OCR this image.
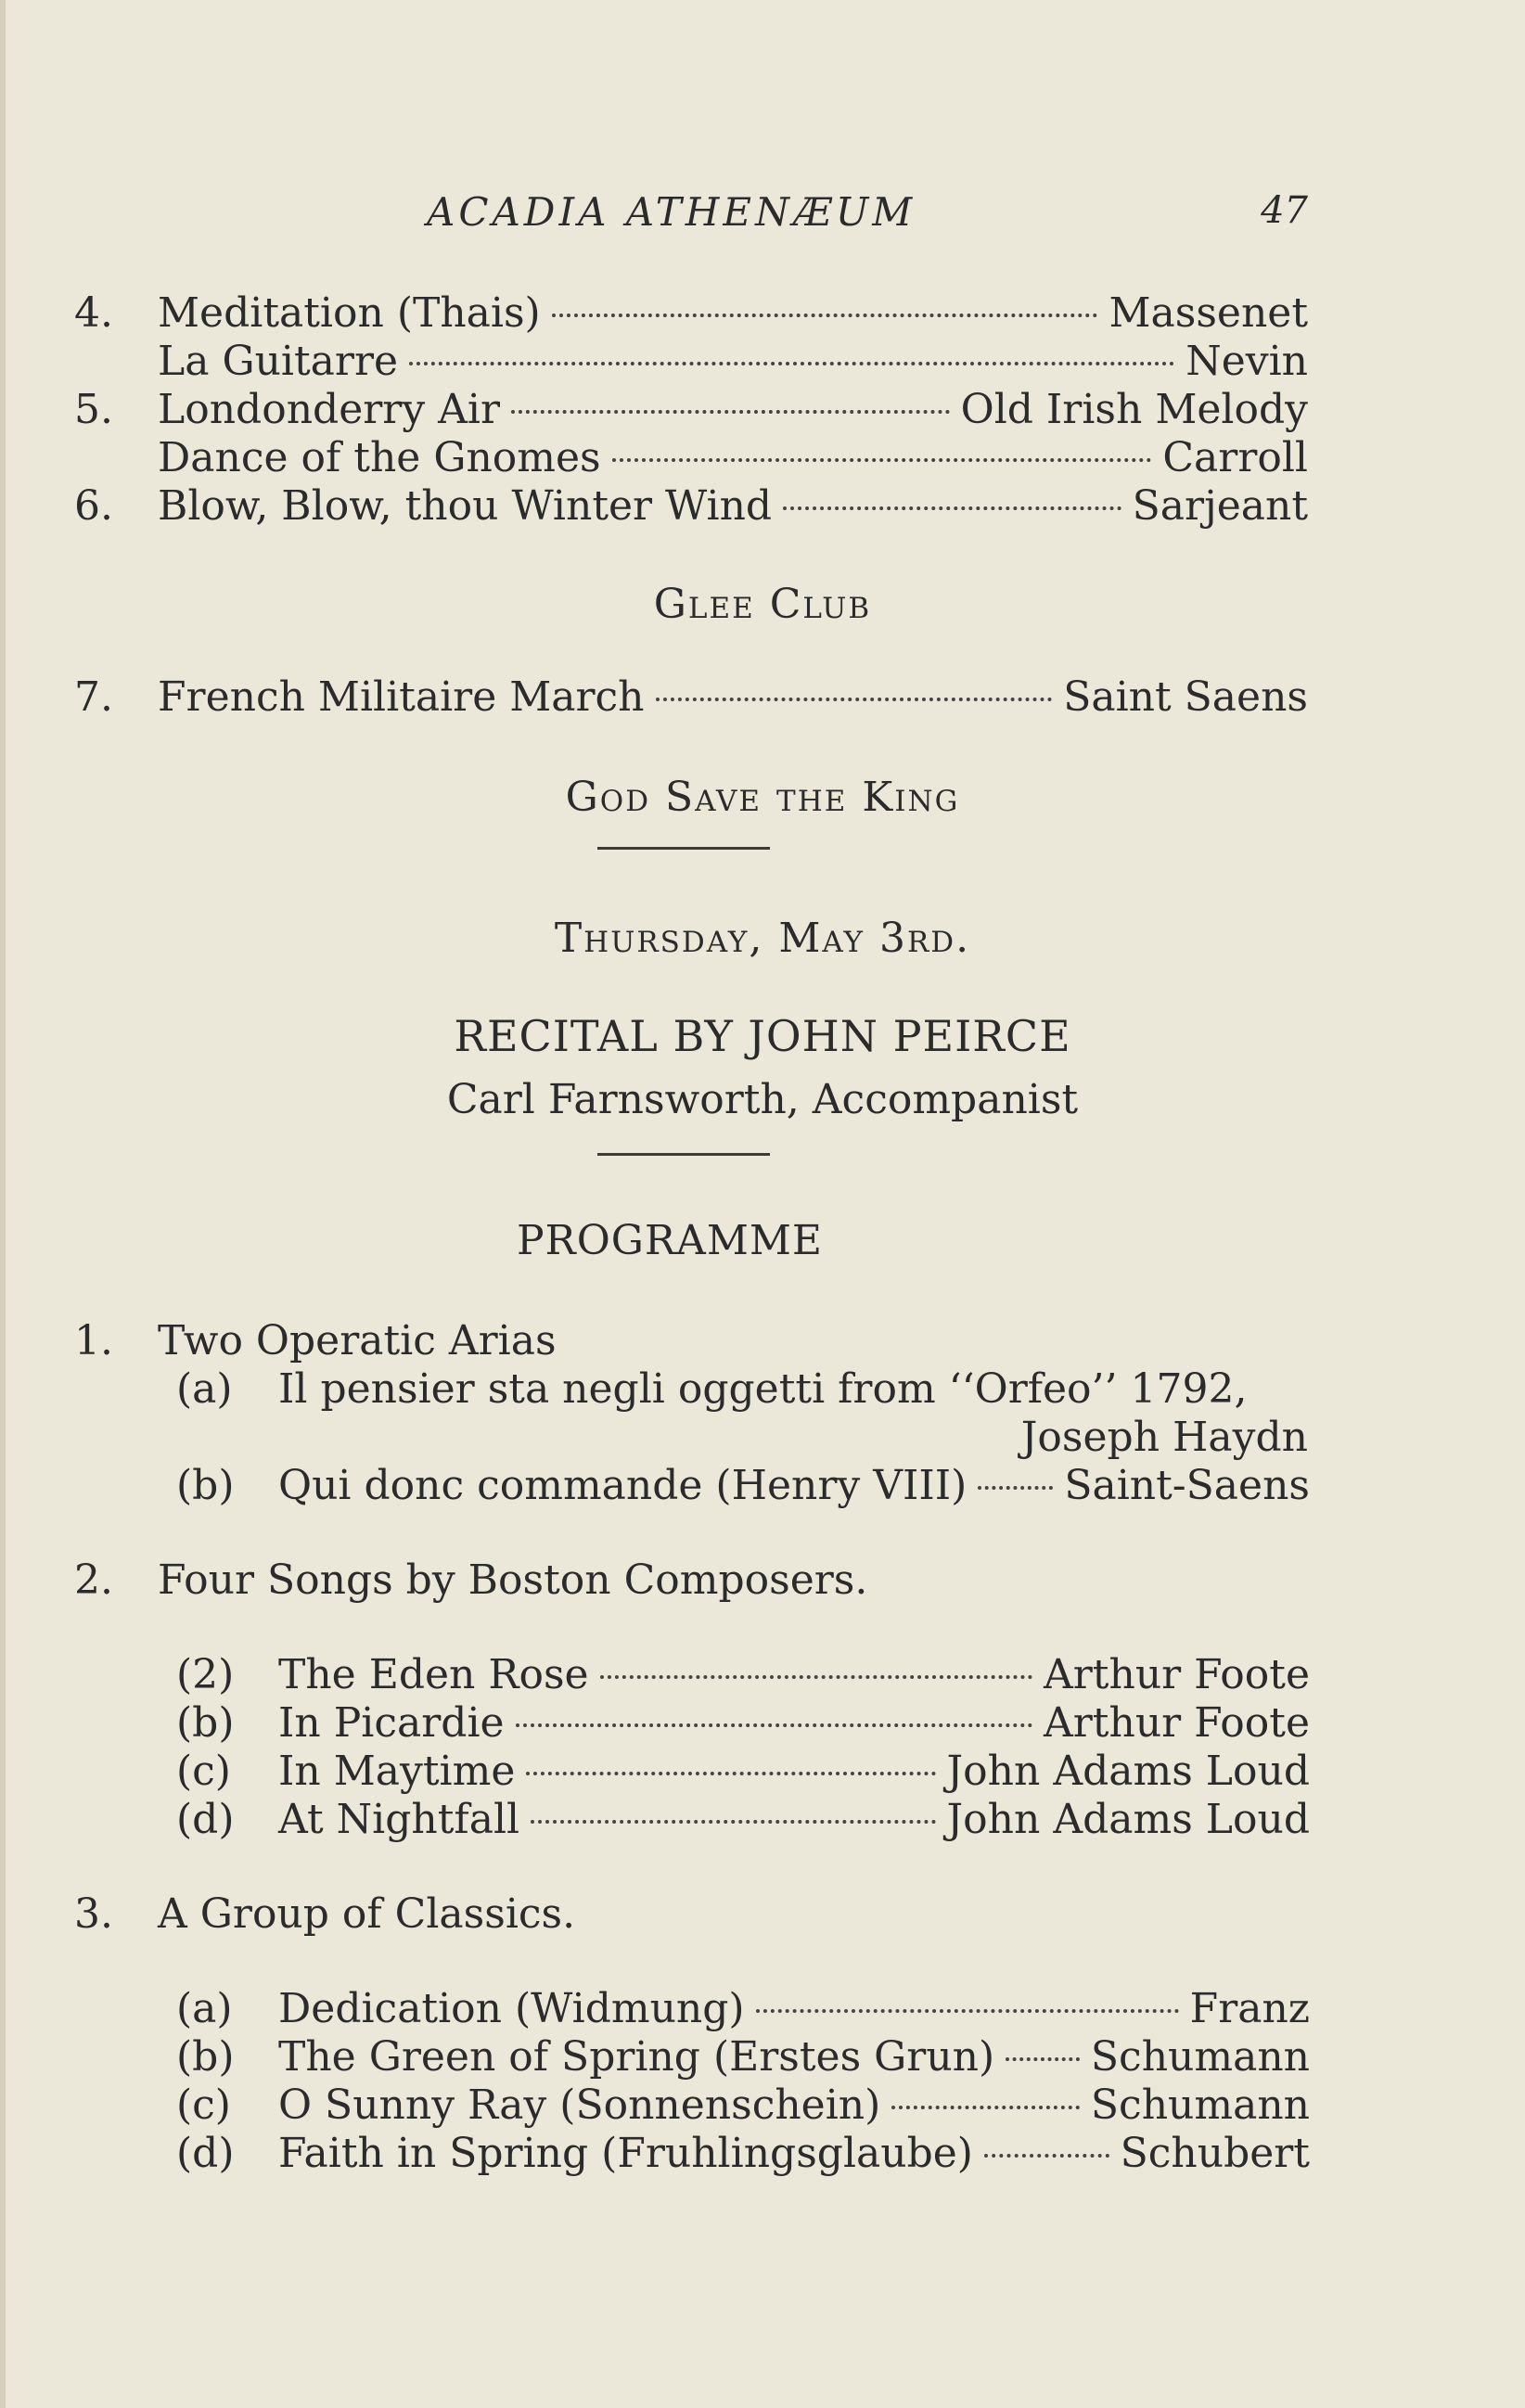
ACADIA ATHENÆUM	47
4.	Meditation (Thais)	Massenet
La Guitarre	Nevin
5.	Londonderry Air	Old Irish Melody
Dance of the Gnomes	Carroll
6.	Blow, Blow, thou Winter Wind	Sarjeant
Glee Club
7.	French Militaire March	Saint Saens
God Save the King
Thursday, May 3rd.
RECITAL BY JOHN PEIRCE
Carl Farnsworth, Accompanist
PROGRAMME
1.	Two Operatic Arias
(a)	Il pensier sta negli oggetti from ‘‘Orfeo’’ 1792,
Joseph Haydn
(b)	Qui donc commande (Henry VIII) Saint-Saens
2.	Four Songs by Boston Composers.
(2)	The Eden Rose	Arthur Foote
(b)	In Picardie	Arthur Foote
(c)	In Maytime	John Adams Loud
(d)	At Nightfall	John Adams Loud
3.	A Group of Classics.
(a)	Dedication (Widmung)	Franz
(b)	The Green of Spring (Erstes Grun) Schumann
(c)	O Sunny Ray (Sonnenschein)	Schumann
(d)	Faith in Spring (Fruhlingsglaube)	Schubert
